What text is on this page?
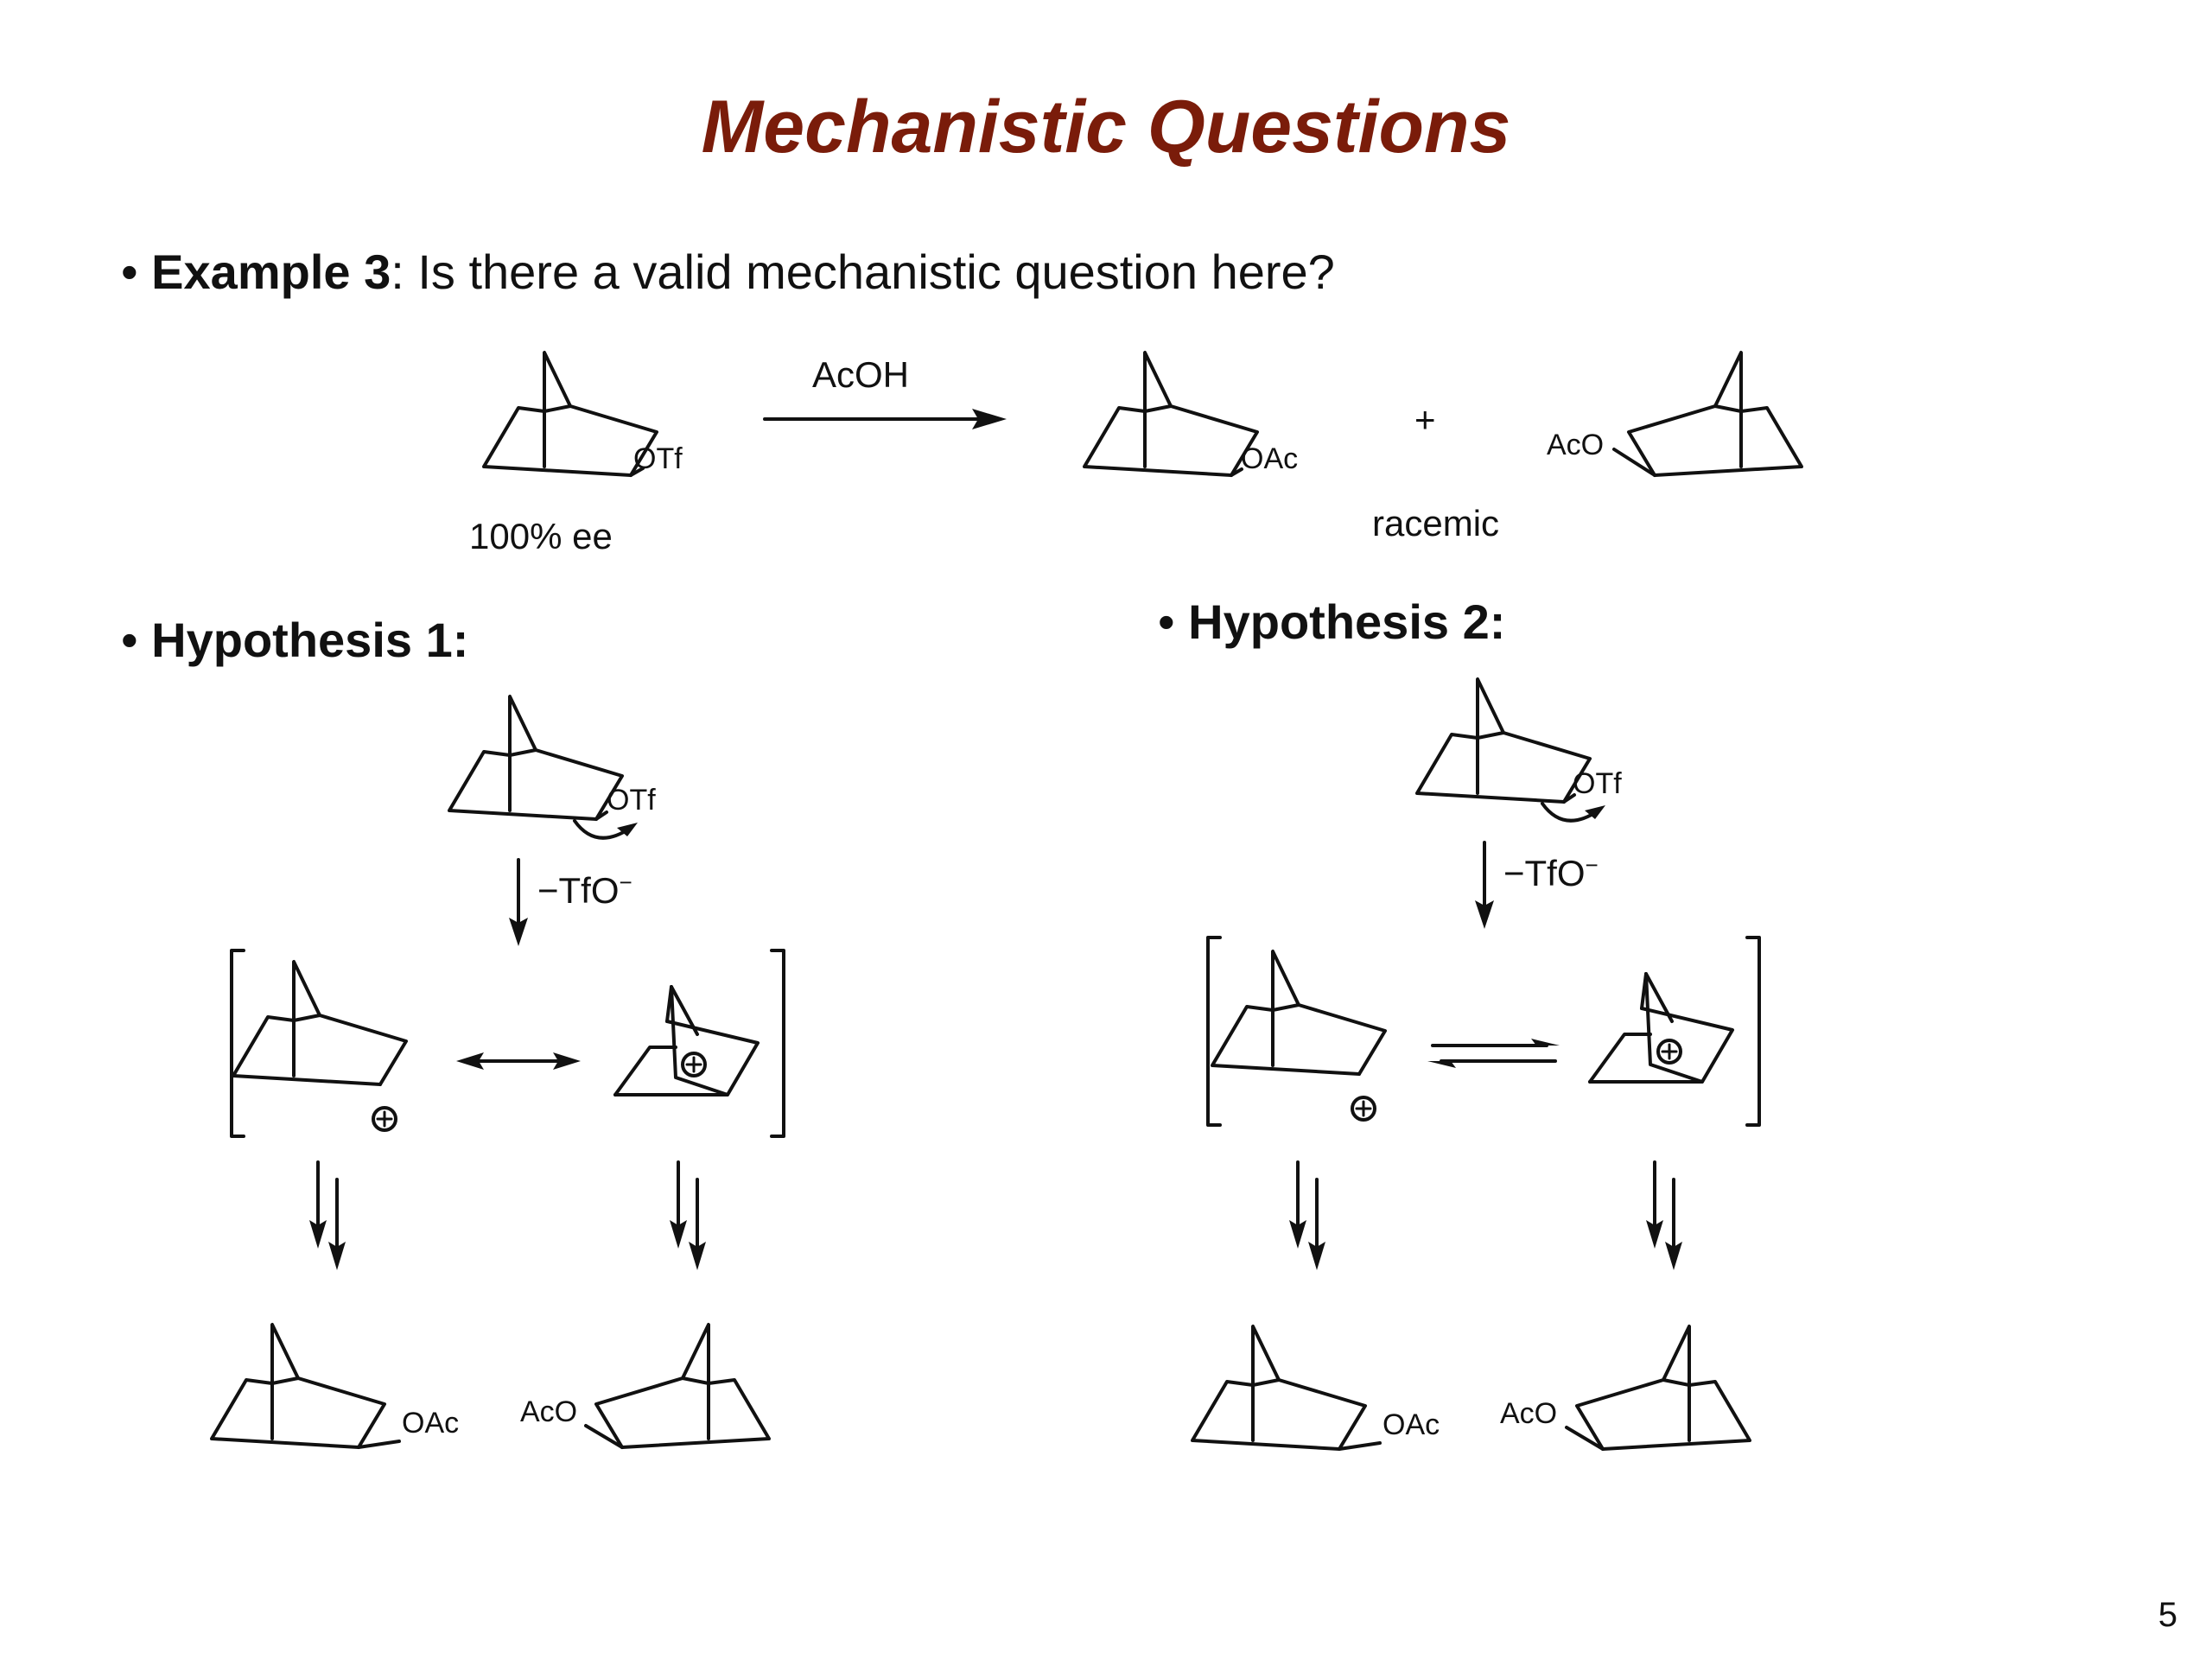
Mechanistic Questions
• Example 3: Is there a valid mechanistic question here?
AcOH
OTf
100% ee
OAc
+
AcO
racemic
• Hypothesis 1:
OTf
−TfO−
OAc AcO
• Hypothesis 2:
OTf
−TfO−
OAc AcO
5
